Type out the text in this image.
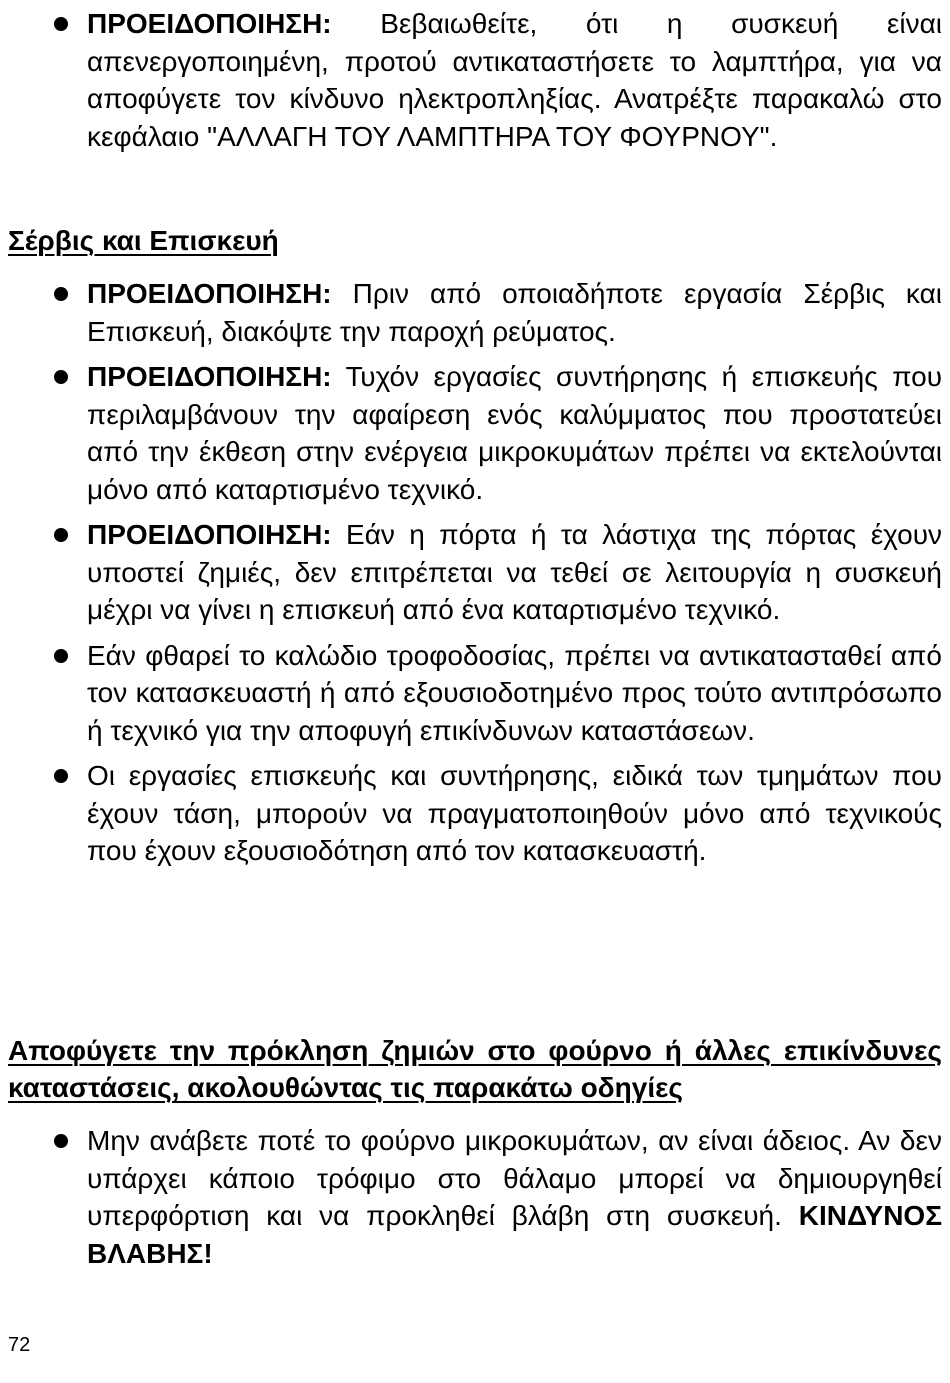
ΠΡΟΕΙΔΟΠΟΙΗΣΗ: Βεβαιωθείτε, ότι η συσκευή είναι απενεργοποιημένη, προτού αντικαταστήσετε το λαμπτήρα, για να αποφύγετε τον κίνδυνο ηλεκτροπληξίας. Ανατρέξτε παρακαλώ στο κεφάλαιο "ΑΛΛΑΓΗ ΤΟΥ ΛΑΜΠΤΗΡΑ ΤΟΥ ΦΟΥΡΝΟΥ".
Σέρβις και Επισκευή
ΠΡΟΕΙΔΟΠΟΙΗΣΗ: Πριν από οποιαδήποτε εργασία Σέρβις και Επισκευή, διακόψτε την παροχή ρεύματος.
ΠΡΟΕΙΔΟΠΟΙΗΣΗ: Τυχόν εργασίες συντήρησης ή επισκευής που περιλαμβάνουν την αφαίρεση ενός καλύμματος που προστατεύει από την έκθεση στην ενέργεια μικροκυμάτων πρέπει να εκτελούνται μόνο από καταρτισμένο τεχνικό.
ΠΡΟΕΙΔΟΠΟΙΗΣΗ: Εάν η πόρτα ή τα λάστιχα της πόρτας έχουν υποστεί ζημιές, δεν επιτρέπεται να τεθεί σε λειτουργία η συσκευή μέχρι να γίνει η επισκευή από ένα καταρτισμένο τεχνικό.
Εάν φθαρεί το καλώδιο τροφοδοσίας, πρέπει να αντικατασταθεί από τον κατασκευαστή ή από εξουσιοδοτημένο προς τούτο αντιπρόσωπο ή τεχνικό για την αποφυγή επικίνδυνων καταστάσεων.
Οι εργασίες επισκευής και συντήρησης, ειδικά των τμημάτων που έχουν τάση, μπορούν να πραγματοποιηθούν μόνο από τεχνικούς που έχουν εξουσιοδότηση από τον κατασκευαστή.
Αποφύγετε την πρόκληση ζημιών στο φούρνο ή άλλες επικίνδυνες καταστάσεις, ακολουθώντας τις παρακάτω οδηγίες
Μην ανάβετε ποτέ το φούρνο μικροκυμάτων, αν είναι άδειος. Αν δεν υπάρχει κάποιο τρόφιμο στο θάλαμο μπορεί να δημιουργηθεί υπερφόρτιση και να προκληθεί βλάβη στη συσκευή. ΚΙΝΔΥΝΟΣ ΒΛΑΒΗΣ!
72
